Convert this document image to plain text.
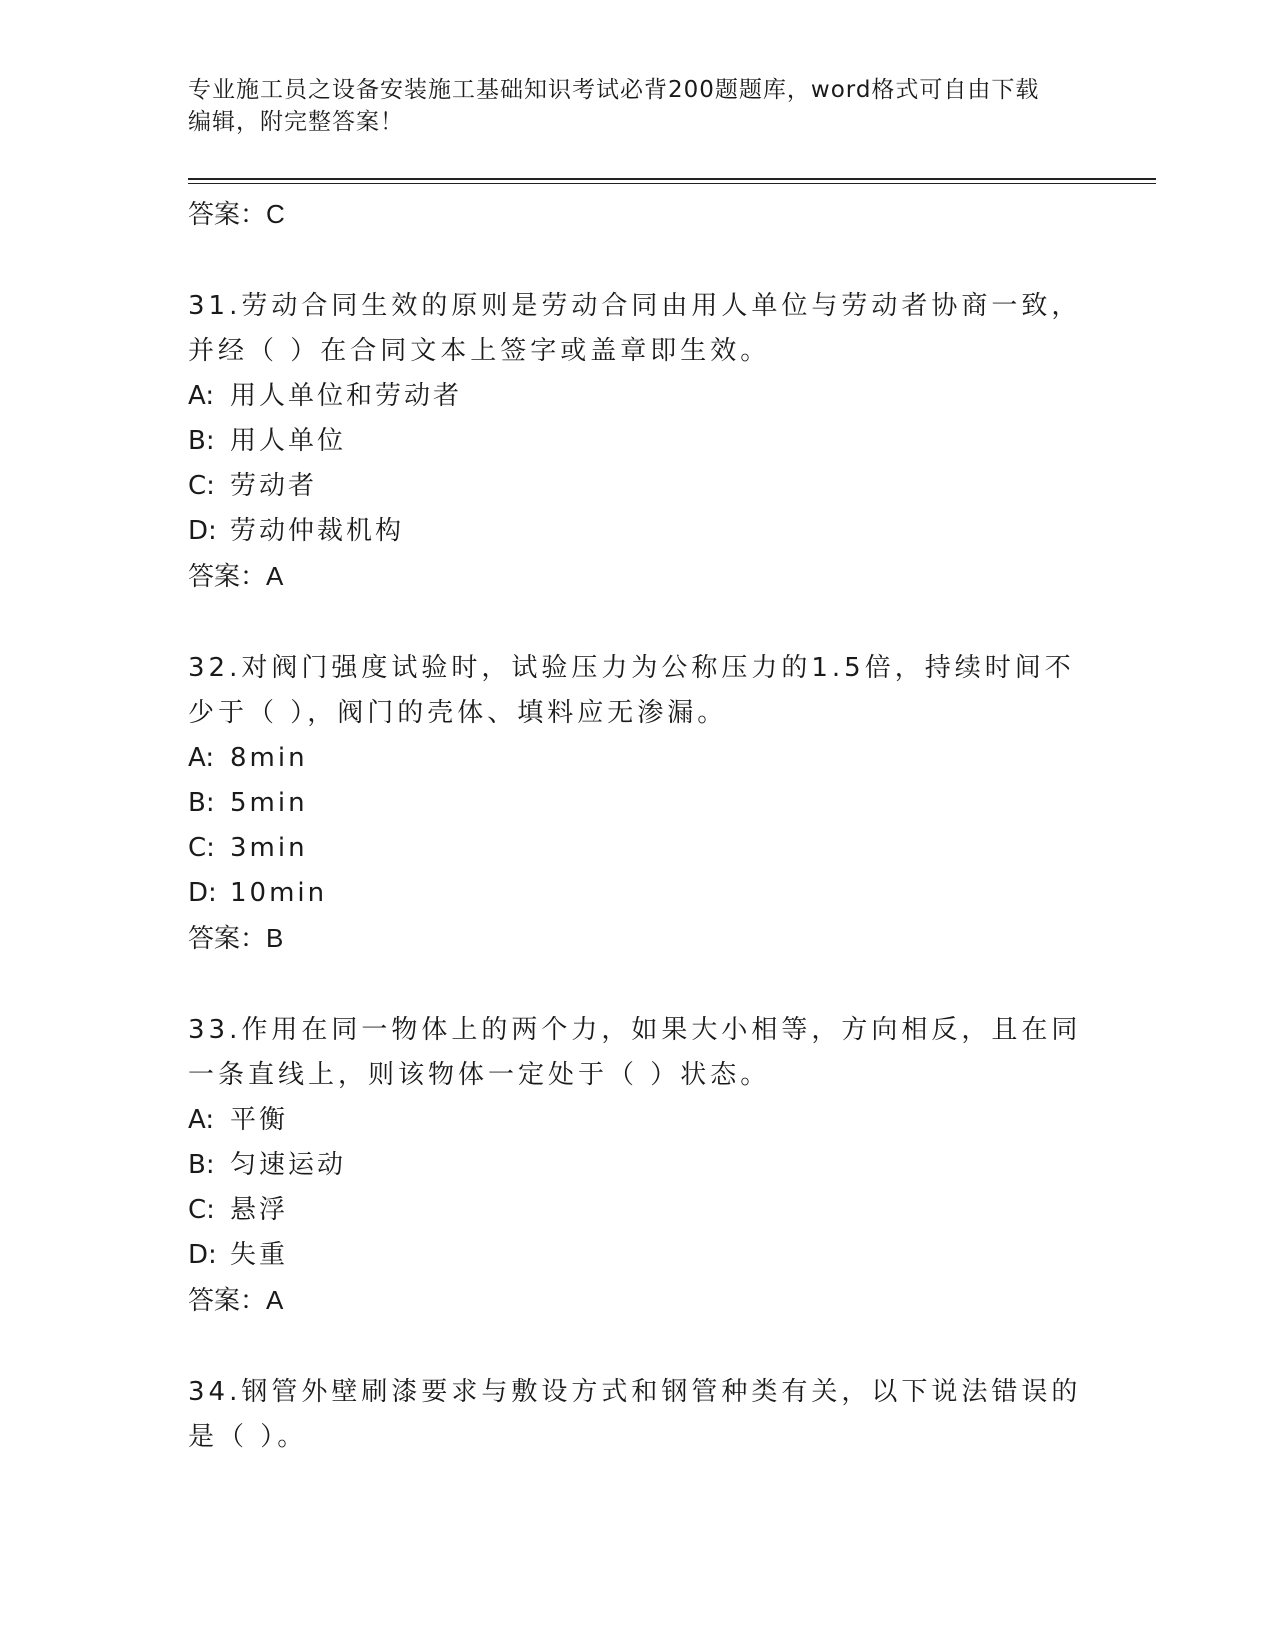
专业施工员之设备安装施工基础知识考试必背200题题库，word格式可自由下载
编辑，附完整答案！
答案：C
31.劳动合同生效的原则是劳动合同由用人单位与劳动者协商一致，并经（ ）在合同文本上签字或盖章即生效。
A: 用人单位和劳动者
B: 用人单位
C: 劳动者
D: 劳动仲裁机构
答案：A
32.对阀门强度试验时，试验压力为公称压力的1.5倍，持续时间不少于（ ），阀门的壳体、填料应无渗漏。
A: 8min
B: 5min
C: 3min
D: 10min
答案：B
33.作用在同一物体上的两个力，如果大小相等，方向相反，且在同一条直线上，则该物体一定处于（ ）状态。
A: 平衡
B: 匀速运动
C: 悬浮
D: 失重
答案：A
34.钢管外壁刷漆要求与敷设方式和钢管种类有关，以下说法错误的是（ ）。
